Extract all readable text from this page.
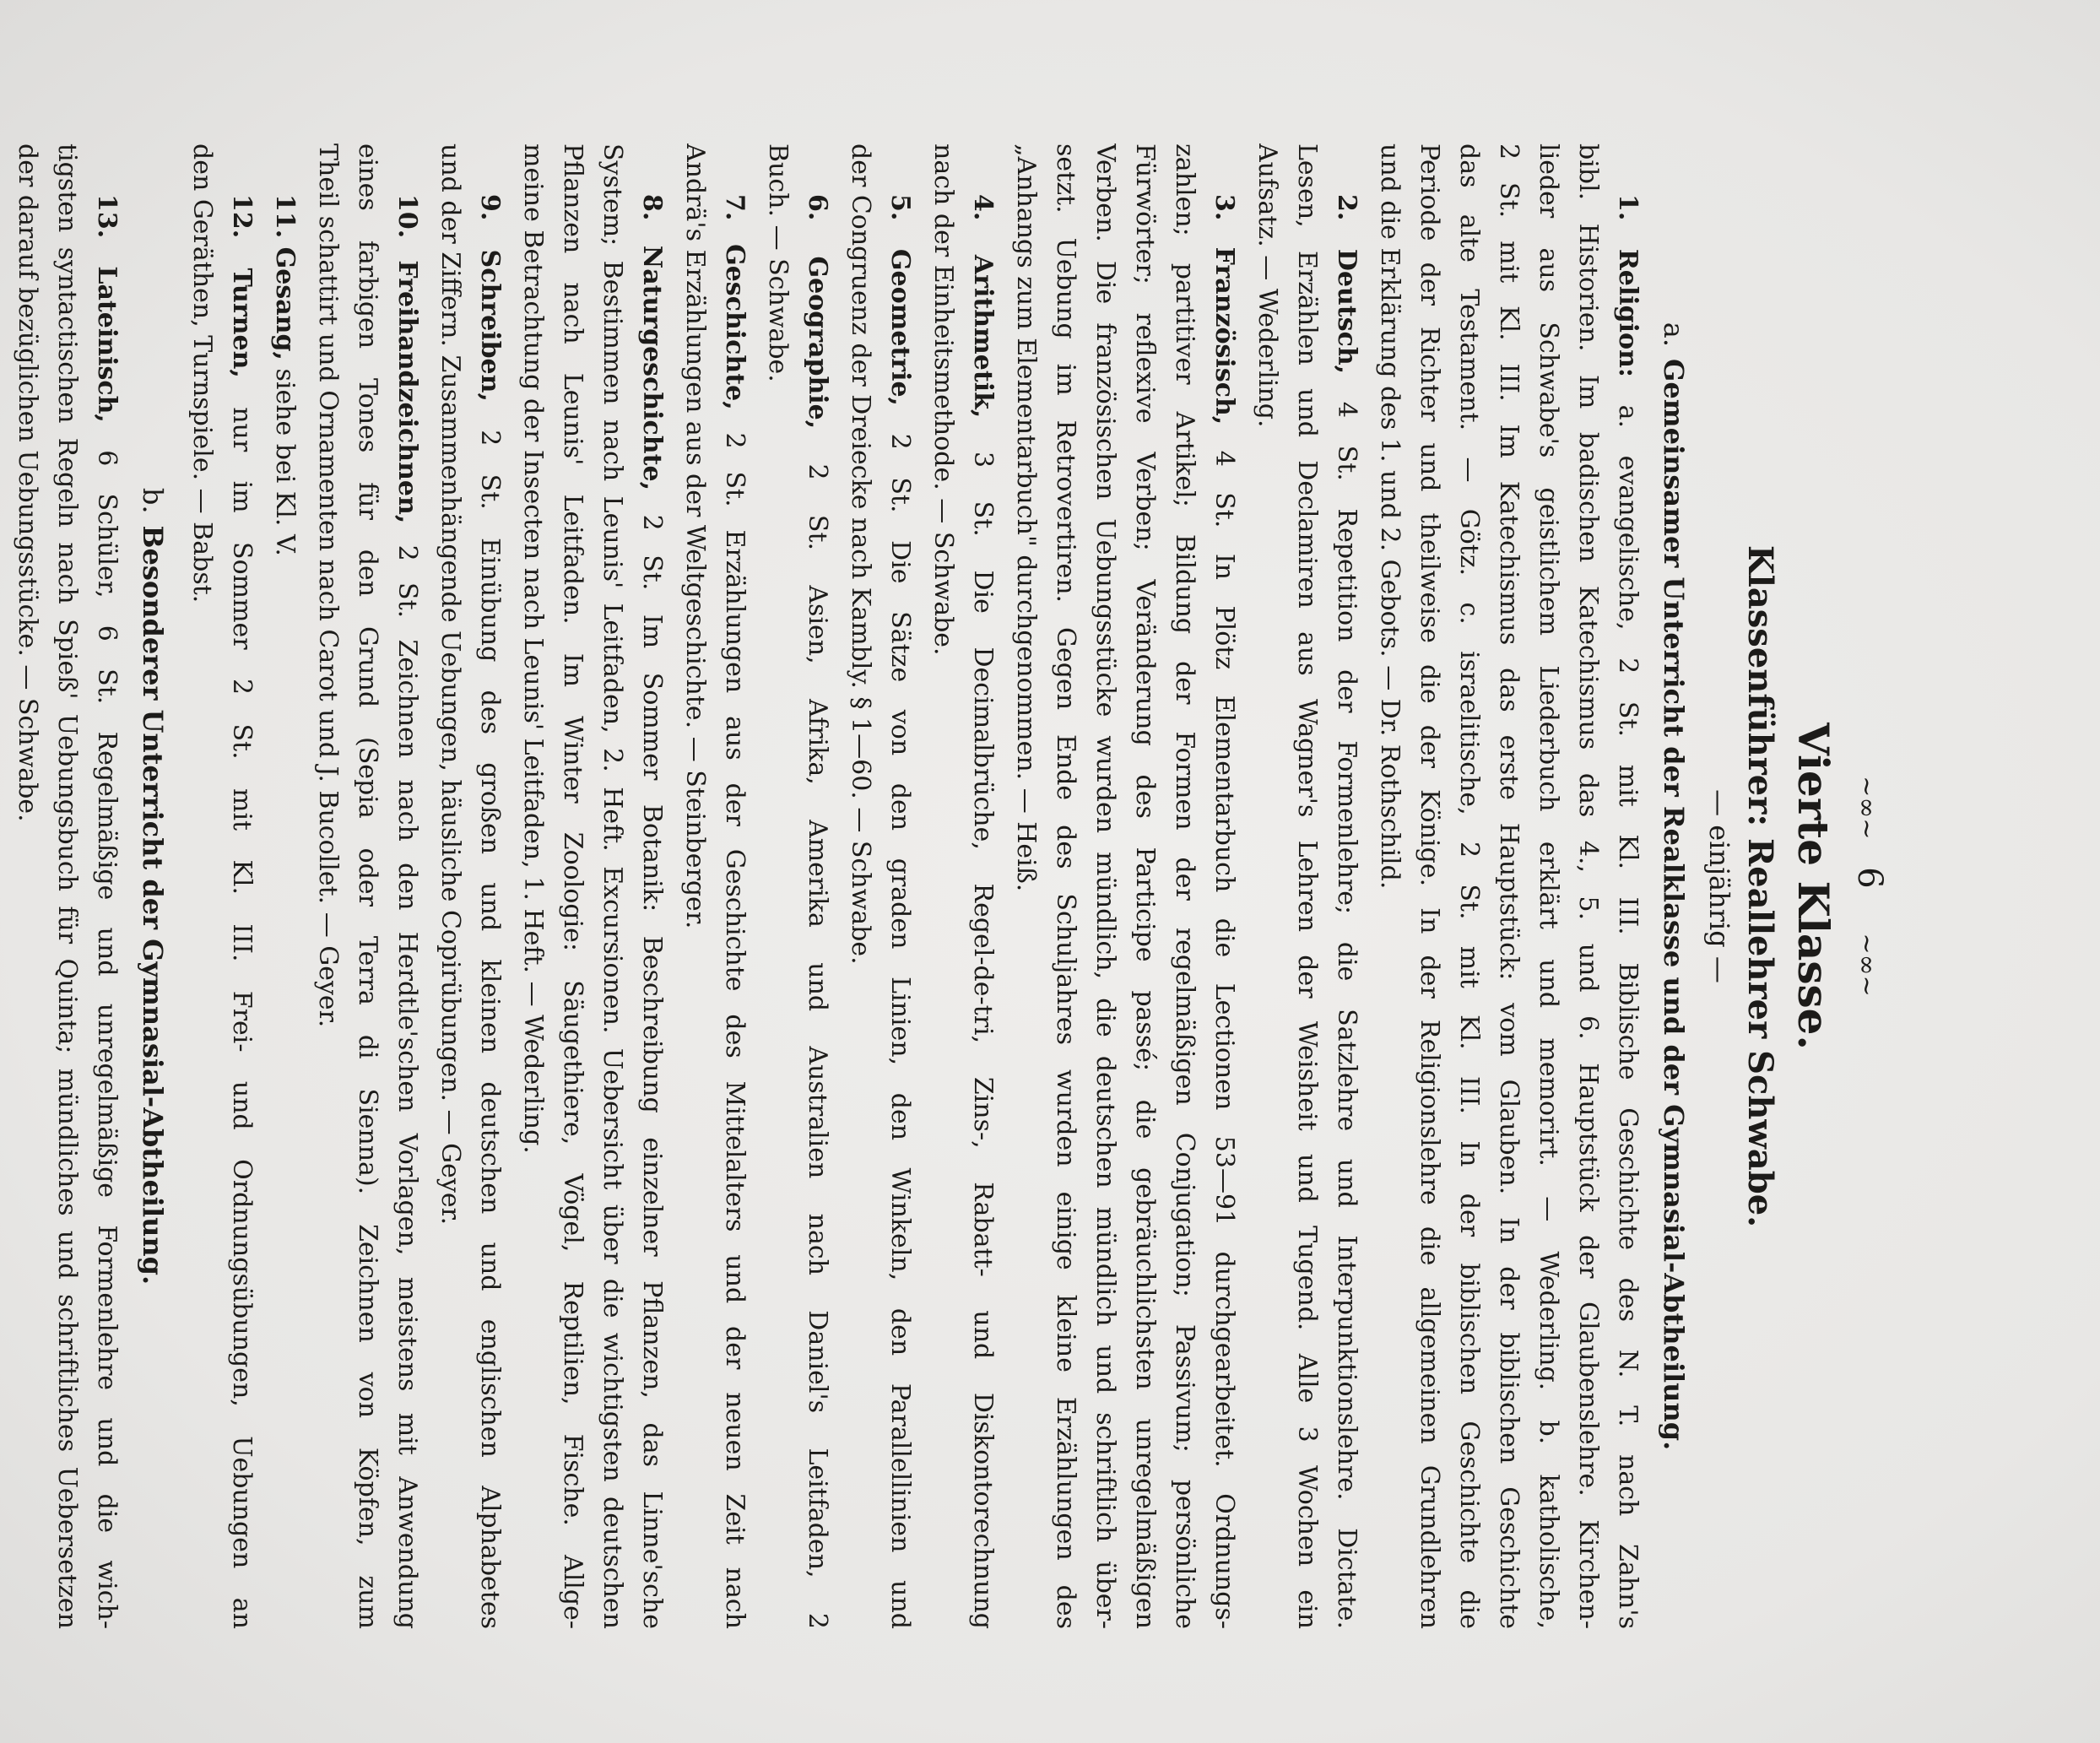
~∞~ 6 ~∞~
Vierte Klasse.
Klassenführer: Reallehrer Schwabe.
— einjährig —
a.Gemeinsamer Unterricht der Realklasse und der Gymnasial-Abtheilung.
1. Religion: a. evangelische, 2 St. mit Kl. III. Biblische Geschichte des N. T. nach Zahn's
bibl. Historien. Im badischen Katechismus das 4., 5. und 6. Hauptstück der Glaubenslehre. Kirchen-
lieder aus Schwabe's geistlichem Liederbuch erklärt und memorirt. — Wederling. b. katholische,
2 St. mit Kl. III. Im Katechismus das erste Hauptstück: vom Glauben. In der biblischen Geschichte
das alte Testament. — Götz. c. israelitische, 2 St. mit Kl. III. In der biblischen Geschichte die
Periode der Richter und theilweise die der Könige. In der Religionslehre die allgemeinen Grundlehren
und die Erklärung des 1. und 2. Gebots. — Dr. Rothschild.
2. Deutsch, 4 St. Repetition der Formenlehre; die Satzlehre und Interpunktionslehre. Dictate.
Lesen, Erzählen und Declamiren aus Wagner's Lehren der Weisheit und Tugend. Alle 3 Wochen ein
Aufsatz. — Wederling.
3. Französisch, 4 St. In Plötz Elementarbuch die Lectionen 53—91 durchgearbeitet. Ordnungs-
zahlen; partitiver Artikel; Bildung der Formen der regelmäßigen Conjugation; Passivum; persönliche
Fürwörter; reflexive Verben; Veränderung des Participe passé; die gebräuchlichsten unregelmäßigen
Verben. Die französischen Uebungsstücke wurden mündlich, die deutschen mündlich und schriftlich über-
setzt. Uebung im Retrovertiren. Gegen Ende des Schuljahres wurden einige kleine Erzählungen des
„Anhangs zum Elementarbuch" durchgenommen. — Heiß.
4. Arithmetik, 3 St. Die Decimalbrüche, Regel-de-tri, Zins-, Rabatt- und Diskontorechnung
nach der Einheitsmethode. — Schwabe.
5. Geometrie, 2 St. Die Sätze von den graden Linien, den Winkeln, den Parallellinien und
der Congruenz der Dreiecke nach Kambly. § 1—60. — Schwabe.
6. Geographie, 2 St. Asien, Afrika, Amerika und Australien nach Daniel's Leitfaden, 2
Buch. — Schwabe.
7. Geschichte, 2 St. Erzählungen aus der Geschichte des Mittelalters und der neuen Zeit nach
Andrä's Erzählungen aus der Weltgeschichte. — Steinberger.
8. Naturgeschichte, 2 St. Im Sommer Botanik: Beschreibung einzelner Pflanzen, das Linne'sche
System; Bestimmen nach Leunis' Leitfaden, 2. Heft. Excursionen. Uebersicht über die wichtigsten deutschen
Pflanzen nach Leunis' Leitfaden. Im Winter Zoologie: Säugethiere, Vögel, Reptilien, Fische. Allge-
meine Betrachtung der Insecten nach Leunis' Leitfaden, 1. Heft. — Wederling.
9. Schreiben, 2 St. Einübung des großen und kleinen deutschen und englischen Alphabetes
und der Ziffern. Zusammenhängende Uebungen, häusliche Copirübungen. — Geyer.
10. Freihandzeichnen, 2 St. Zeichnen nach den Herdtle'schen Vorlagen, meistens mit Anwendung
eines farbigen Tones für den Grund (Sepia oder Terra di Sienna). Zeichnen von Köpfen, zum
Theil schattirt und Ornamenten nach Carot und J. Bucollet. — Geyer.
11. Gesang, siehe bei Kl. V.
12. Turnen, nur im Sommer 2 St. mit Kl. III. Frei- und Ordnungsübungen, Uebungen an
den Geräthen, Turnspiele. — Babst.
b.Besonderer Unterricht der Gymnasial-Abtheilung.
13. Lateinisch, 6 Schüler, 6 St. Regelmäßige und unregelmäßige Formenlehre und die wich-
tigsten syntactischen Regeln nach Spieß' Uebungsbuch für Quinta; mündliches und schriftliches Uebersetzen
der darauf bezüglichen Uebungsstücke. — Schwabe.
